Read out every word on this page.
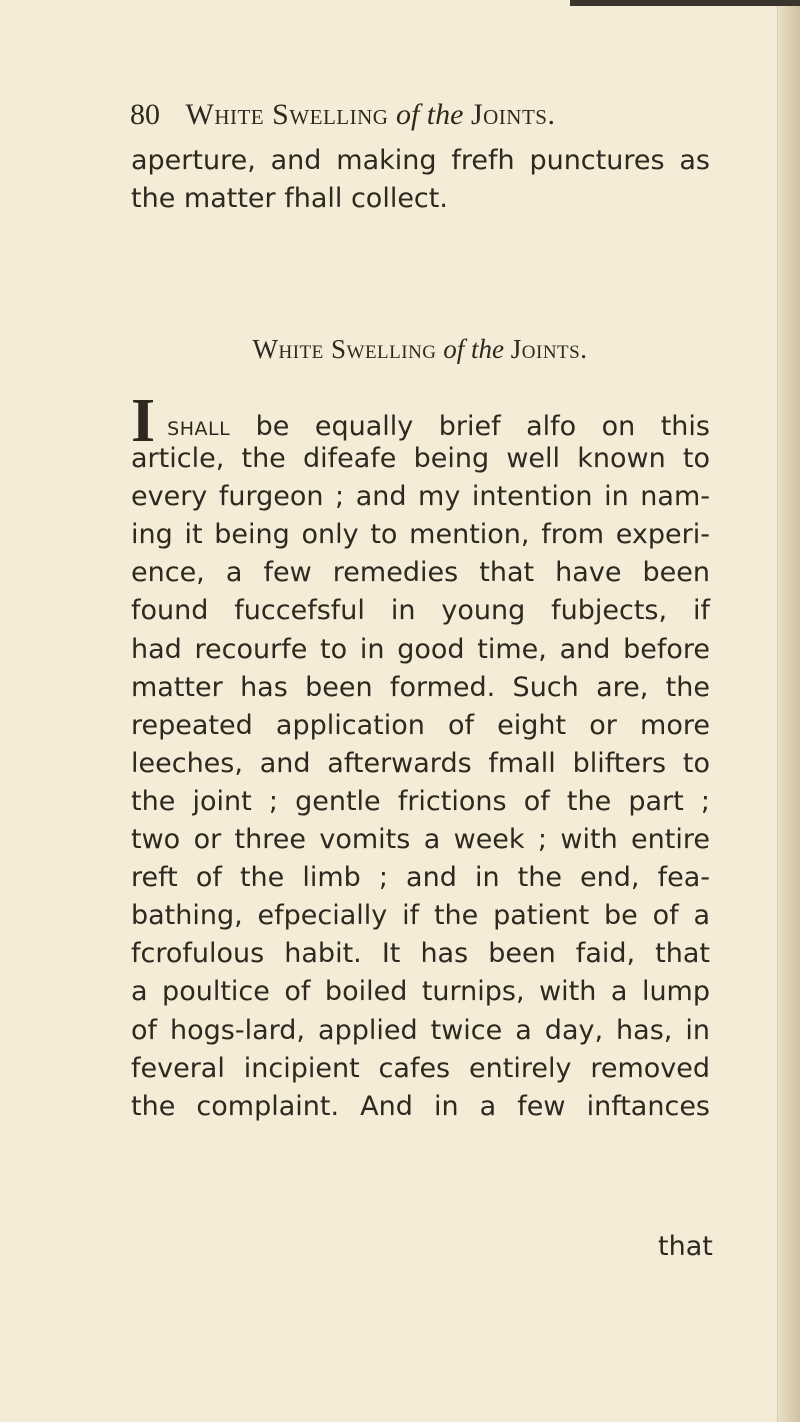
80 White Swelling of the Joints.
aperture, and making frefh punctures as
the matter fhall collect.
White Swelling of the Joints.
Ishall be equally brief alfo on this
article, the difeafe being well known to
every furgeon ; and my intention in nam-
ing it being only to mention, from experi-
ence, a few remedies that have been
found fuccefsful in young fubjects, if
had recourfe to in good time, and before
matter has been formed. Such are, the
repeated application of eight or more
leeches, and afterwards fmall blifters to
the joint ; gentle frictions of the part ;
two or three vomits a week ; with entire
reft of the limb ; and in the end, fea-
bathing, efpecially if the patient be of a
fcrofulous habit. It has been faid, that
a poultice of boiled turnips, with a lump
of hogs-lard, applied twice a day, has, in
feveral incipient cafes entirely removed
the complaint. And in a few inftances
that
